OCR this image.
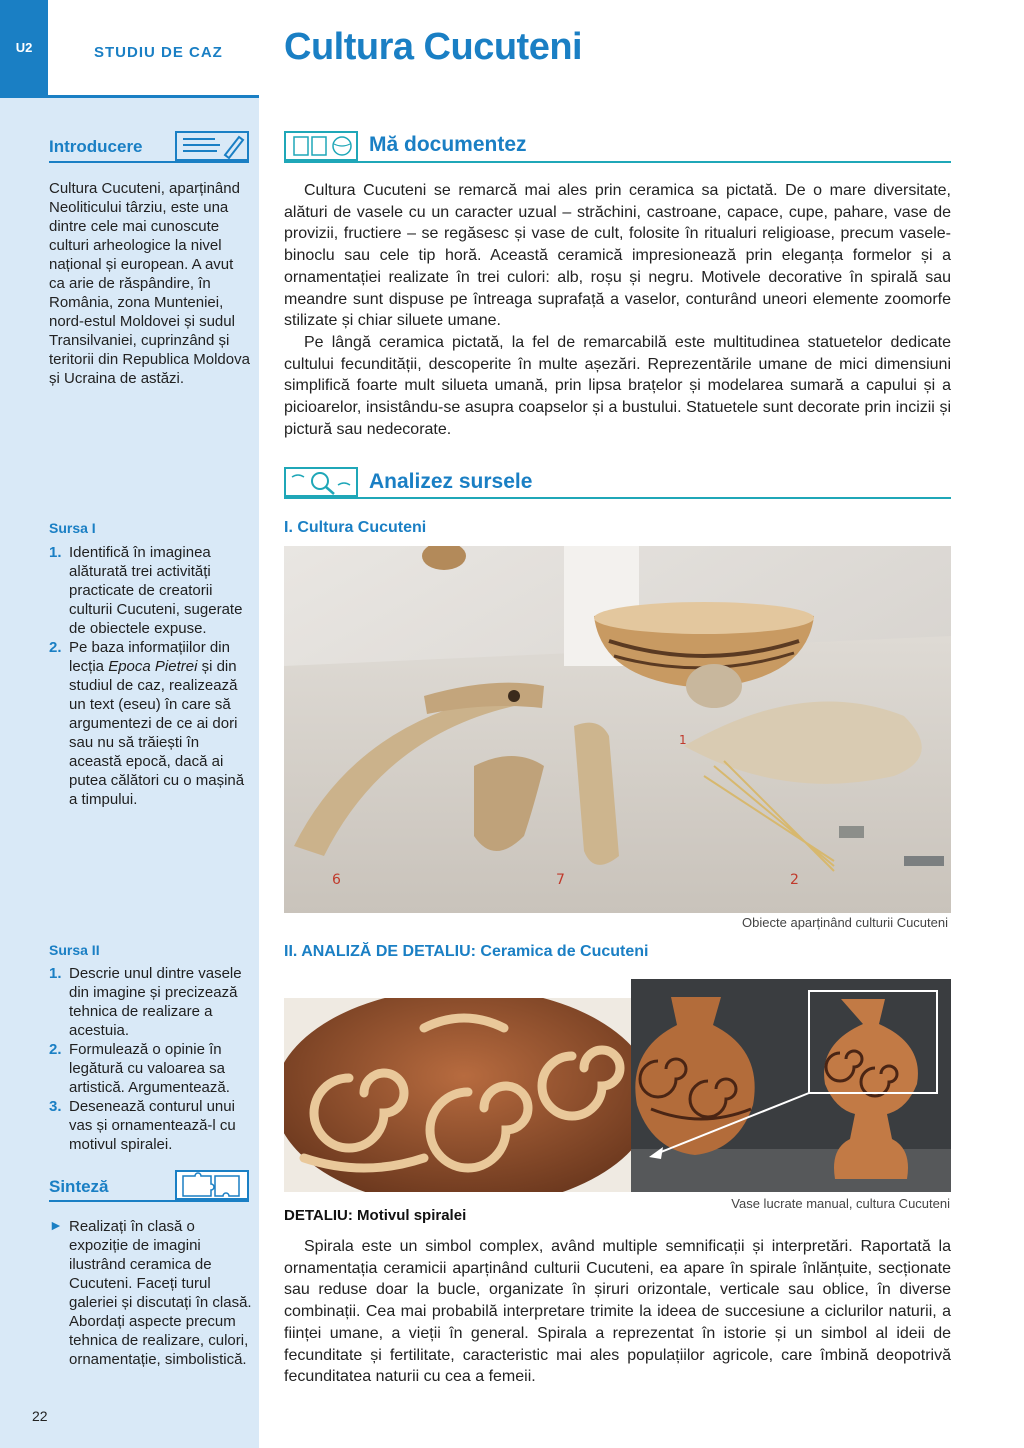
U2	STUDIU DE CAZ Cultura Cucuteni
Introducere
Cultura Cucuteni, aparținând Neoliticului târziu, este una dintre cele mai cunoscute culturi arheologice la nivel național și european. A avut ca arie de răspândire, în România, zona Munteniei, nord-estul Moldovei și sudul Transilvaniei, cuprinzând și teritorii din Republica Moldova și Ucraina de astăzi.
Sursa I
1. Identifică în imaginea alăturată trei activități practicate de creatorii culturii Cucuteni, sugerate de obiectele expuse.
2. Pe baza informațiilor din lecția Epoca Pietrei și din studiul de caz, realizează un text (eseu) în care să argumentezi de ce ai dori sau nu să trăiești în această epocă, dacă ai putea călători cu o mașină a timpului.
Sursa II
1. Descrie unul dintre vasele din imagine și precizează tehnica de realizare a acestuia.
2. Formulează o opinie în legătură cu valoarea sa artistică. Argumentează.
3. Desenează conturul unui vas și ornamentează-l cu motivul spiralei.
Sinteză
► Realizați în clasă o expoziție de imagini ilustrând ceramica de Cucuteni. Faceți turul galeriei și discutați în clasă. Abordați aspecte precum tehnica de realizare, culori, ornamentație, simbolistică.
22
Mă documentez

Cultura Cucuteni se remarcă mai ales prin ceramica sa pictată. De o mare diversitate, alături de vasele cu un caracter uzual – străchini, castroane, capace, cupe, pahare, vase de provizii, fructiere – se regăsesc și vase de cult, folosite în ritualuri religioase, precum vasele-binoclu sau cele tip horă. Această ceramică impresionează prin eleganța formelor și a ornamentației realizate în trei culori: alb, roșu și negru. Motivele decorative în spirală sau meandre sunt dispuse pe întreaga suprafață a vaselor, conturând uneori elemente zoomorfe stilizate și chiar siluete umane.

Pe lângă ceramica pictată, la fel de remarcabilă este multitudinea statuetelor dedicate cultului fecundității, descoperite în multe așezări. Reprezentările umane de mici dimensiuni simplifică foarte mult silueta umană, prin lipsa brațelor și modelarea sumară a capului și a picioarelor, insistându-se asupra coapselor și a bustului. Statuetele sunt decorate prin incizii și pictură sau nedecorate.

Analizez sursele
I. Cultura Cucuteni
6	7
1
2
Obiecte aparținând culturii Cucuteni
II. ANALIZĂ DE DETALIU: Ceramica de Cucuteni
Vase lucrate manual, cultura Cucuteni
DETALIU: Motivul spiralei

Spirala este un simbol complex, având multiple semnificații și interpretări. Raportată la ornamentația ceramicii aparținând culturii Cucuteni, ea apare în spirale înlănțuite, secționate sau reduse doar la bucle, organizate în șiruri orizontale, verticale sau oblice, în diverse combinații. Cea mai probabilă interpretare trimite la ideea de succesiune a ciclurilor naturii, a ființei umane, a vieții în general. Spirala a reprezentat în istorie și un simbol al ideii de fecunditate și fertilitate, caracteristic mai ales populațiilor agricole, care îmbină deopotrivă fecunditatea naturii cu cea a femeii.
